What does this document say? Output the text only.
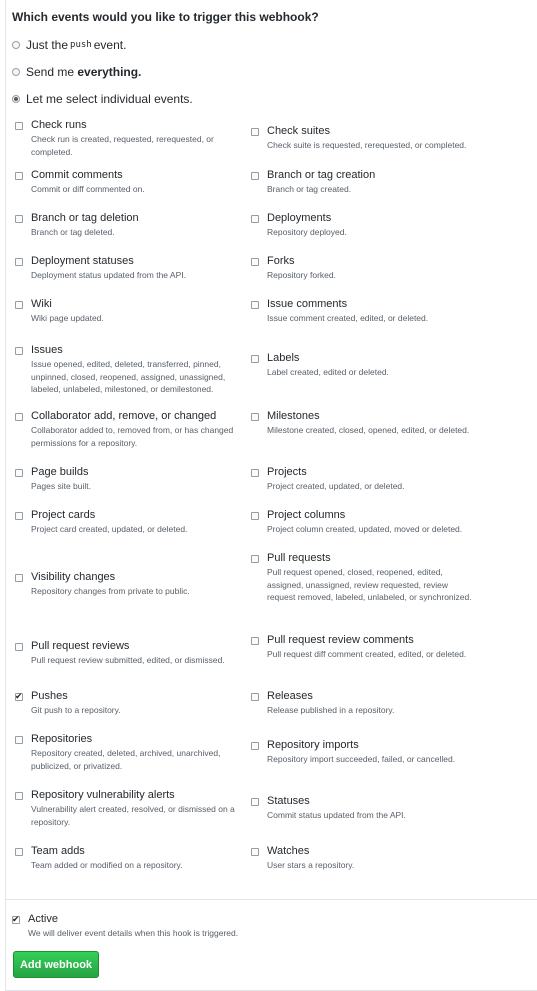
Which events would you like to trigger this webhook?

Just the push event.
Send me
everything.
Let me select individual events.
Check runs
Check run is created, requested, rerequested, or completed.
Check suites
Check suite is requested, rerequested, or completed.
Commit comments
Commit or diff commented on.
Branch or tag creation
Branch or tag created.
Branch or tag deletion
Branch or tag deleted.
Deployments
Repository deployed.
Deployment statuses
Deployment status updated from the API.
Forks
Repository forked.
Wiki
Wiki page updated.
Issue comments
Issue comment created, edited, or deleted.
Issues
Issue opened, edited, deleted, transferred, pinned, unpinned, closed, reopened, assigned, unassigned, labeled, unlabeled, milestoned, or demilestoned.
Labels
Label created, edited or deleted.
Collaborator add, remove, or changed
Collaborator added to, removed from, or has changed permissions for a repository.
Milestones
Milestone created, closed, opened, edited, or deleted.
Page builds
Pages site built.
Projects
Project created, updated, or deleted.
Project cards
Project card created, updated, or deleted.
Project columns
Project column created, updated, moved or deleted.
Visibility changes
Repository changes from private to public.
Pull requests
Pull request opened, closed, reopened, edited, assigned, unassigned, review requested, review request removed, labeled, unlabeled, or synchronized.
Pull request reviews
Pull request review submitted, edited, or dismissed.
Pull request review comments
Pull request diff comment created, edited, or deleted.
✔
Pushes
Git push to a repository.
Releases
Release published in a repository.
Repositories
Repository created, deleted, archived, unarchived, publicized, or privatized.
Repository imports
Repository import succeeded, failed, or cancelled.
Repository vulnerability alerts
Vulnerability alert created, resolved, or dismissed on a repository.
Statuses
Commit status updated from the API.
Team adds
Team added or modified on a repository.
Watches
User stars a repository.
✔
Active
We will deliver event details when this hook is triggered.
Add webhook
